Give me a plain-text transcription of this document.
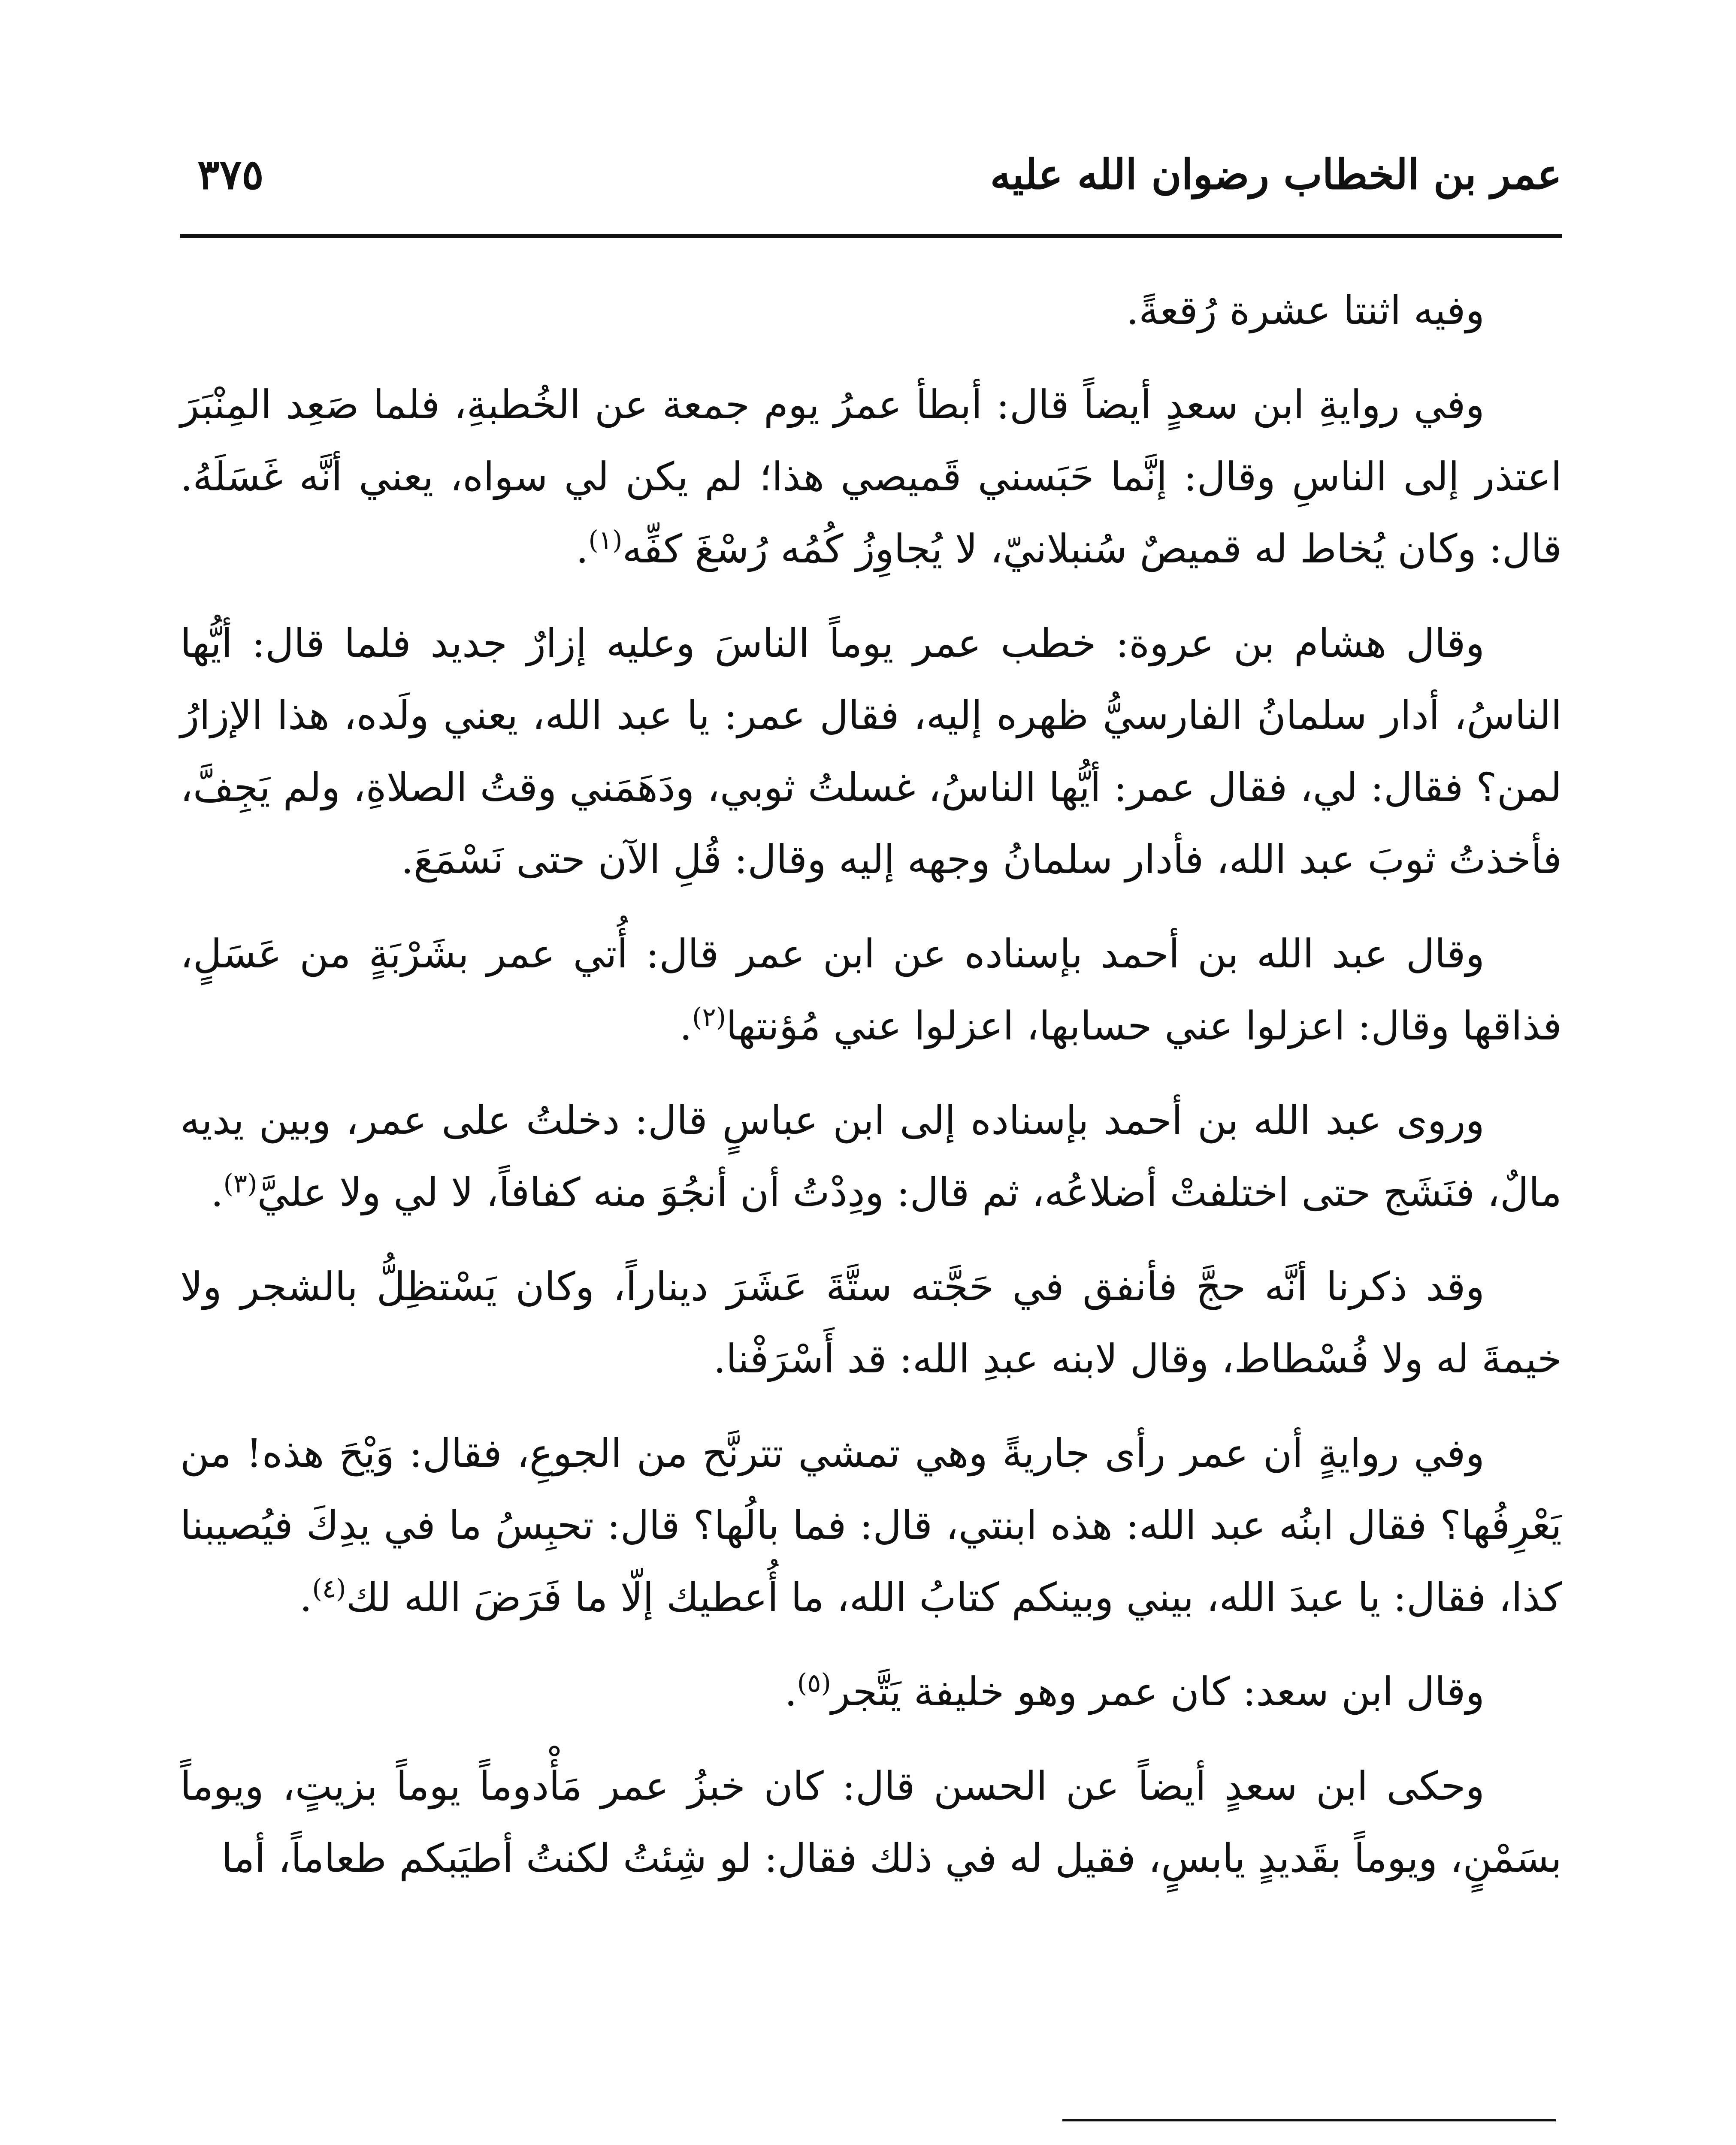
عمر بن الخطاب رضوان الله عليه
٣٧٥

وفيه اثنتا عشرة رُقعةً.

وفي روايةِ ابن سعدٍ أيضاً قال: أبطأ عمرُ يوم جمعة عن الخُطبةِ، فلما صَعِد المِنْبَرَ اعتذر إلى الناسِ وقال: إنَّما حَبَسني قَميصي هذا؛ لم يكن لي سواه، يعني أنَّه غَسَلَهُ. قال: وكان يُخاط له قميصٌ سُنبلانيّ، لا يُجاوِزُ كُمُه رُسْغَ كفِّه$^{(١)}$.

وقال هشام بن عروة: خطب عمر يوماً الناسَ وعليه إزارٌ جديد فلما قال: أيُّها الناسُ، أدار سلمانُ الفارسيُّ ظهره إليه، فقال عمر: يا عبد الله، يعني ولَده، هذا الإزارُ لمن؟ فقال: لي، فقال عمر: أيُّها الناسُ، غسلتُ ثوبي، ودَهَمَني وقتُ الصلاةِ، ولم يَجِفَّ، فأخذتُ ثوبَ عبد الله، فأدار سلمانُ وجهه إليه وقال: قُلِ الآن حتى نَسْمَعَ.

وقال عبد الله بن أحمد بإسناده عن ابن عمر قال: أُتي عمر بشَرْبَةٍ من عَسَلٍ، فذاقها وقال: اعزلوا عني حسابها، اعزلوا عني مُؤنتها$^{(٢)}$.

وروى عبد الله بن أحمد بإسناده إلى ابن عباسٍ قال: دخلتُ على عمر، وبين يديه مالٌ، فنَشَج حتى اختلفتْ أضلاعُه، ثم قال: ودِدْتُ أن أنجُوَ منه كفافاً، لا لي ولا عليَّ$^{(٣)}$.

وقد ذكرنا أنَّه حجَّ فأنفق في حَجَّته ستَّةَ عَشَرَ ديناراً، وكان يَسْتظِلُّ بالشجر ولا خيمةَ له ولا فُسْطاط، وقال لابنه عبدِ الله: قد أَسْرَفْنا.

وفي روايةٍ أن عمر رأى جاريةً وهي تمشي تترنَّح من الجوعِ، فقال: وَيْحَ هذه! من يَعْرِفُها؟ فقال ابنُه عبد الله: هذه ابنتي، قال: فما بالُها؟ قال: تحبِسُ ما في يدِكَ فيُصيبنا كذا، فقال: يا عبدَ الله، بيني وبينكم كتابُ الله، ما أُعطيك إلّا ما فَرَضَ الله لك$^{(٤)}$.

وقال ابن سعد: كان عمر وهو خليفة يَتَّجر$^{(٥)}$.

وحكى ابن سعدٍ أيضاً عن الحسن قال: كان خبزُ عمر مَأْدوماً يوماً بزيتٍ، ويوماً بسَمْنٍ، ويوماً بقَديدٍ يابسٍ، فقيل له في ذلك فقال: لو شِئتُ لكنتُ أطيَبكم طعاماً، أما
